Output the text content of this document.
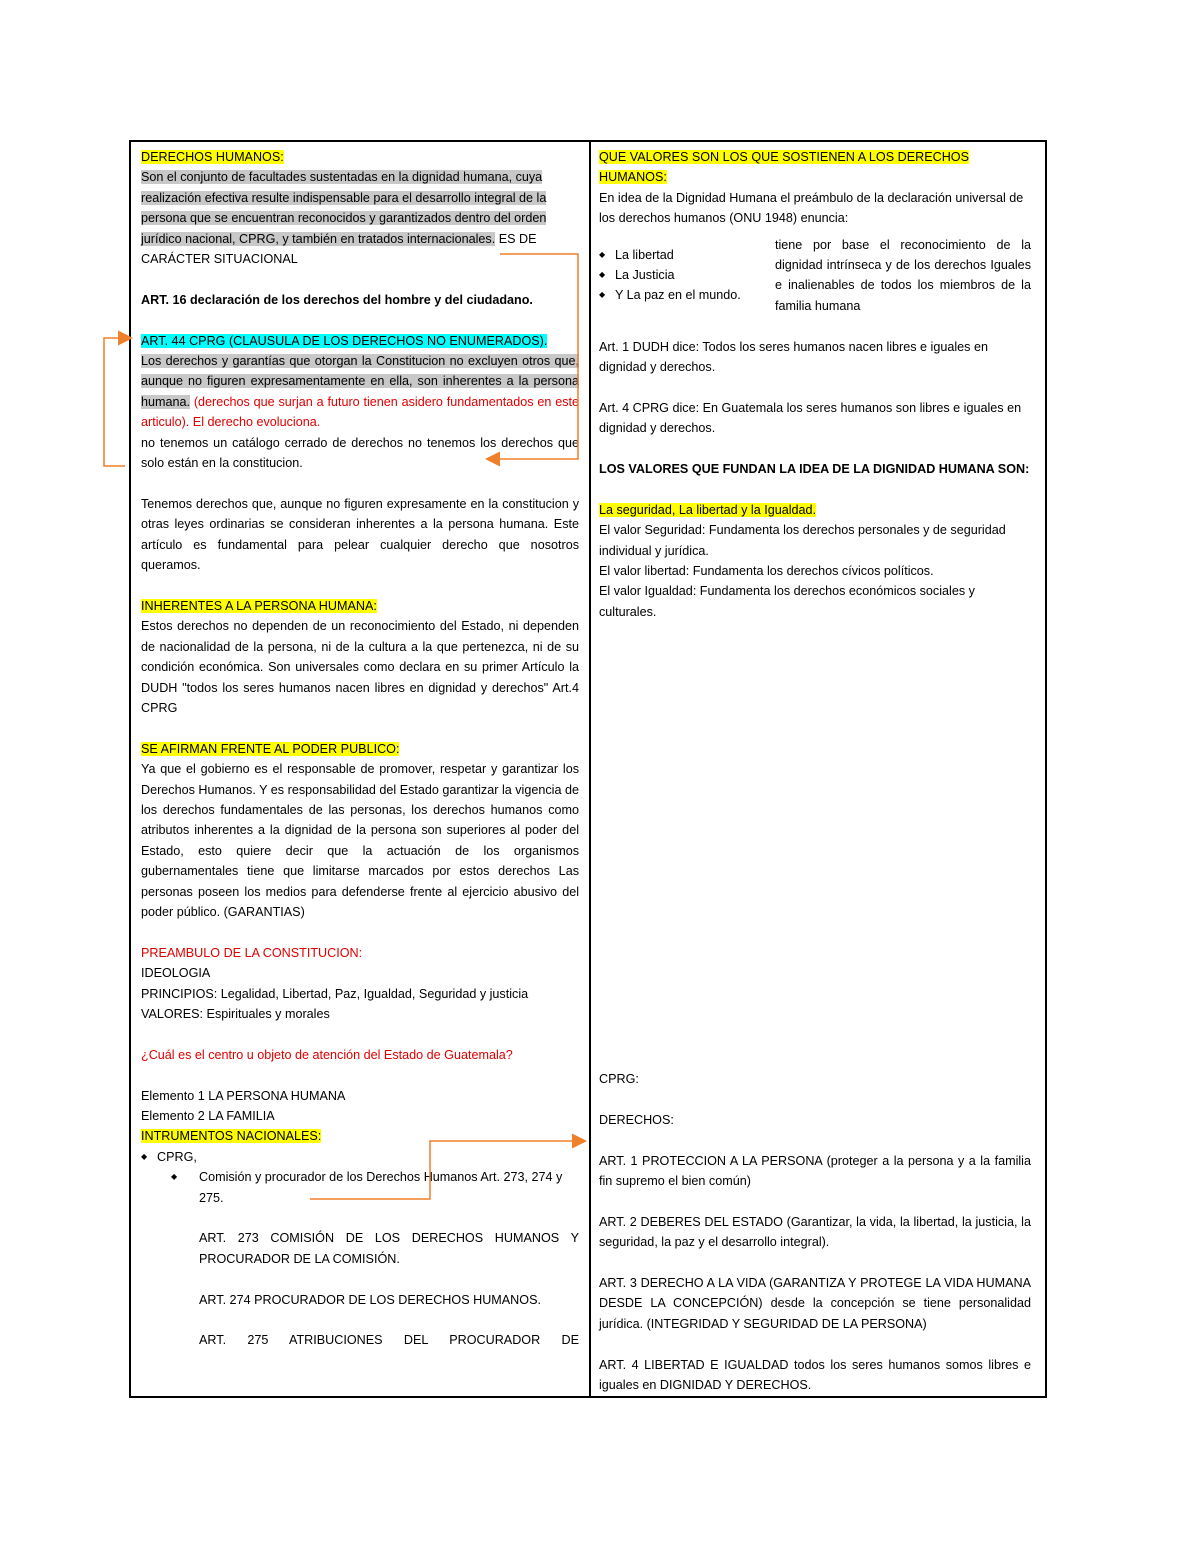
DERECHOS HUMANOS:

Son el conjunto de facultades sustentadas en la dignidad humana, cuya realización efectiva resulte indispensable para el desarrollo integral de la persona que se encuentran reconocidos y garantizados dentro del orden jurídico nacional, CPRG, y también en tratados internacionales. ES DE CARÁCTER SITUACIONAL

ART. 16 declaración de los derechos del hombre y del ciudadano.

ART. 44 CPRG (CLAUSULA DE LOS DERECHOS NO ENUMERADOS).

Los derechos y garantías que otorgan la Constitucion no excluyen otros que, aunque no figuren expresamentamente en ella, son inherentes a la persona humana. (derechos que surjan a futuro tienen asidero fundamentados en este articulo). El derecho evoluciona.

no tenemos un catálogo cerrado de derechos no tenemos los derechos que solo están en la constitucion.

Tenemos derechos que, aunque no figuren expresamente en la constitucion y otras leyes ordinarias se consideran inherentes a la persona humana. Este artículo es fundamental para pelear cualquier derecho que nosotros queramos.

INHERENTES A LA PERSONA HUMANA:

Estos derechos no dependen de un reconocimiento del Estado, ni dependen de nacionalidad de la persona, ni de la cultura a la que pertenezca, ni de su condición económica. Son universales como declara en su primer Artículo la DUDH "todos los seres humanos nacen libres en dignidad y derechos" Art.4 CPRG

SE AFIRMAN FRENTE AL PODER PUBLICO:

Ya que el gobierno es el responsable de promover, respetar y garantizar los Derechos Humanos. Y es responsabilidad del Estado garantizar la vigencia de los derechos fundamentales de las personas, los derechos humanos como atributos inherentes a la dignidad de la persona son superiores al poder del Estado, esto quiere decir que la actuación de los organismos gubernamentales tiene que limitarse marcados por estos derechos Las personas poseen los medios para defenderse frente al ejercicio abusivo del poder público. (GARANTIAS)

PREAMBULO DE LA CONSTITUCION:

IDEOLOGIA

PRINCIPIOS: Legalidad, Libertad, Paz, Igualdad, Seguridad y justicia

VALORES: Espirituales y morales

¿Cuál es el centro u objeto de atención del Estado de Guatemala?

Elemento 1 LA PERSONA HUMANA

Elemento 2 LA FAMILIA

INTRUMENTOS NACIONALES:

◆ CPRG,

◆ Comisión y procurador de los Derechos Humanos Art. 273, 274 y 275.

ART. 273 COMISIÓN DE LOS DERECHOS HUMANOS Y PROCURADOR DE LA COMISIÓN.

ART. 274 PROCURADOR DE LOS DERECHOS HUMANOS.

ART. 275 ATRIBUCIONES DEL PROCURADOR DE

QUE VALORES SON LOS QUE SOSTIENEN A LOS DERECHOS HUMANOS:

En idea de la Dignidad Humana el preámbulo de la declaración universal de los derechos humanos (ONU 1948) enuncia:

◆ La libertad

◆ La Justicia

◆ Y La paz en el mundo.

tiene por base el reconocimiento de la dignidad intrínseca y de los derechos Iguales e inalienables de todos los miembros de la familia humana

Art. 1 DUDH dice: Todos los seres humanos nacen libres e iguales en dignidad y derechos.

Art. 4 CPRG dice: En Guatemala los seres humanos son libres e iguales en dignidad y derechos.

LOS VALORES QUE FUNDAN LA IDEA DE LA DIGNIDAD HUMANA SON:

La seguridad, La libertad y la Igualdad.

El valor Seguridad: Fundamenta los derechos personales y de seguridad individual y jurídica.

El valor libertad: Fundamenta los derechos cívicos políticos.

El valor Igualdad: Fundamenta los derechos económicos sociales y culturales.

CPRG:

DERECHOS:

ART. 1 PROTECCION A LA PERSONA (proteger a la persona y a la familia fin supremo el bien común)

ART. 2 DEBERES DEL ESTADO (Garantizar, la vida, la libertad, la justicia, la seguridad, la paz y el desarrollo integral).

ART. 3 DERECHO A LA VIDA (GARANTIZA Y PROTEGE LA VIDA HUMANA DESDE LA CONCEPCIÓN) desde la concepción se tiene personalidad jurídica. (INTEGRIDAD Y SEGURIDAD DE LA PERSONA)

ART. 4 LIBERTAD E IGUALDAD todos los seres humanos somos libres e iguales en DIGNIDAD Y DERECHOS.
